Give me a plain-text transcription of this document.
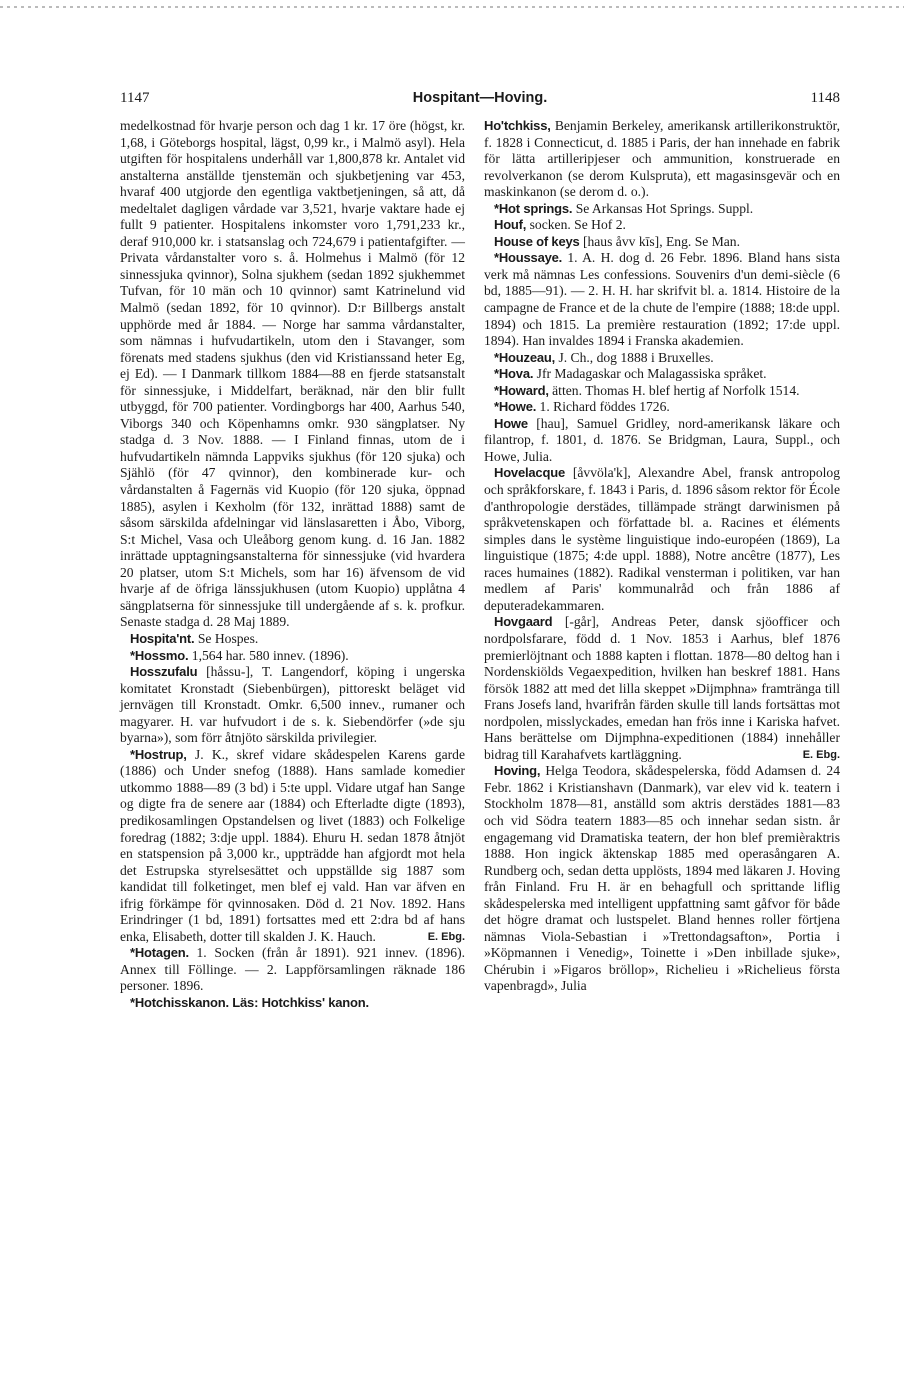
1147	Hospitant—Hoving.	1148

medelkostnad för hvarje person och dag 1 kr. 17 öre (högst, kr. 1,68, i Göteborgs hospital, lägst, 0,99 kr., i Malmö asyl). Hela utgiften för hospitalens underhåll var 1,800,878 kr. Antalet vid anstalterna anställde tjenstemän och sjukbetjening var 453, hvaraf 400 utgjorde den egentliga vaktbetjeningen, så att, då medeltalet dagligen vårdade var 3,521, hvarje vaktare hade ej fullt 9 patienter. Hospitalens inkomster voro 1,791,233 kr., deraf 910,000 kr. i statsanslag och 724,679 i patientafgifter. — Privata vårdanstalter voro s. å. Holmehus i Malmö (för 12 sinnessjuka qvinnor), Solna sjukhem (sedan 1892 sjukhemmet Tufvan, för 10 män och 10 qvinnor) samt Katrinelund vid Malmö (sedan 1892, för 10 qvinnor). D:r Billbergs anstalt upphörde med år 1884. — Norge har samma vårdanstalter, som nämnas i hufvudartikeln, utom den i Stavanger, som förenats med stadens sjukhus (den vid Kristianssand heter Eg, ej Ed). — I Danmark tillkom 1884—88 en fjerde statsanstalt för sinnessjuke, i Middelfart, beräknad, när den blir fullt utbyggd, för 700 patienter. Vordingborgs har 400, Aarhus 540, Viborgs 340 och Köpenhamns omkr. 930 sängplatser. Ny stadga d. 3 Nov. 1888. — I Finland finnas, utom de i hufvudartikeln nämnda Lappviks sjukhus (för 120 sjuka) och Sjählö (för 47 qvinnor), den kombinerade kur- och vårdanstalten å Fagernäs vid Kuopio (för 120 sjuka, öppnad 1885), asylen i Kexholm (för 132, inrättad 1888) samt de såsom särskilda afdelningar vid länslasaretten i Åbo, Viborg, S:t Michel, Vasa och Uleåborg genom kung. d. 16 Jan. 1882 inrättade upptagningsanstalterna för sinnessjuke (vid hvardera 20 platser, utom S:t Michels, som har 16) äfvensom de vid hvarje af de öfriga länssjukhusen (utom Kuopio) upplåtna 4 sängplatserna för sinnessjuke till undergående af s. k. profkur. Senaste stadga d. 28 Maj 1889.

Hospita'nt. Se Hospes.

*Hossmo. 1,564 har. 580 innev. (1896).

Hosszufalu [håssu-], T. Langendorf, köping i ungerska komitatet Kronstadt (Siebenbürgen), pittoreskt beläget vid jernvägen till Kronstadt. Omkr. 6,500 innev., rumaner och magyarer. H. var hufvudort i de s. k. Siebendörfer (»de sju byarna»), som förr åtnjöto särskilda privilegier.

*Hostrup, J. K., skref vidare skådespelen Karens garde (1886) och Under snefog (1888). Hans samlade komedier utkommo 1888—89 (3 bd) i 5:te uppl. Vidare utgaf han Sange og digte fra de senere aar (1884) och Efterladte digte (1893), predikosamlingen Opstandelsen og livet (1883) och Folkelige foredrag (1882; 3:dje uppl. 1884). Ehuru H. sedan 1878 åtnjöt en statspension på 3,000 kr., uppträdde han afgjordt mot hela det Estrupska styrelsesättet och uppställde sig 1887 som kandidat till folketinget, men blef ej vald. Han var äfven en ifrig förkämpe för qvinnosaken. Död d. 21 Nov. 1892. Hans Erindringer (1 bd, 1891) fortsattes med ett 2:dra bd af hans enka, Elisabeth, dotter till skalden J. K. Hauch.	E. Ebg.

*Hotagen. 1. Socken (från år 1891). 921 innev. (1896). Annex till Föllinge. — 2. Lappförsamlingen räknade 186 personer. 1896.

*Hotchisskanon. Läs: Hotchkiss' kanon.

Ho'tchkiss, Benjamin Berkeley, amerikansk artillerikonstruktör, f. 1828 i Connecticut, d. 1885 i Paris, der han innehade en fabrik för lätta artilleripjeser och ammunition, konstruerade en revolverkanon (se derom Kulspruta), ett magasinsgevär och en maskinkanon (se derom d. o.).

*Hot springs. Se Arkansas Hot Springs. Suppl.

Houf, socken. Se Hof 2.

House of keys [haus åvv kīs], Eng. Se Man.

*Houssaye. 1. A. H. dog d. 26 Febr. 1896. Bland hans sista verk må nämnas Les confessions. Souvenirs d'un demi-siècle (6 bd, 1885—91). — 2. H. H. har skrifvit bl. a. 1814. Histoire de la campagne de France et de la chute de l'empire (1888; 18:de uppl. 1894) och 1815. La première restauration (1892; 17:de uppl. 1894). Han invaldes 1894 i Franska akademien.

*Houzeau, J. Ch., dog 1888 i Bruxelles.

*Hova. Jfr Madagaskar och Malagassiska språket.

*Howard, ätten. Thomas H. blef hertig af Norfolk 1514.

*Howe. 1. Richard föddes 1726.

Howe [hau], Samuel Gridley, nord-amerikansk läkare och filantrop, f. 1801, d. 1876. Se Bridgman, Laura, Suppl., och Howe, Julia.

Hovelacque [åvvöla'k], Alexandre Abel, fransk antropolog och språkforskare, f. 1843 i Paris, d. 1896 såsom rektor för École d'anthropologie derstädes, tillämpade strängt darwinismen på språkvetenskapen och författade bl. a. Racines et éléments simples dans le système linguistique indo-européen (1869), La linguistique (1875; 4:de uppl. 1888), Notre ancêtre (1877), Les races humaines (1882). Radikal vensterman i politiken, var han medlem af Paris' kommunalråd och från 1886 af deputeradekammaren.

Hovgaard [-går], Andreas Peter, dansk sjöofficer och nordpolsfarare, född d. 1 Nov. 1853 i Aarhus, blef 1876 premierlöjtnant och 1888 kapten i flottan. 1878—80 deltog han i Nordenskiölds Vegaexpedition, hvilken han beskref 1881. Hans försök 1882 att med det lilla skeppet »Dijmphna» framtränga till Frans Josefs land, hvarifrån färden skulle till lands fortsättas mot nordpolen, misslyckades, emedan han frös inne i Kariska hafvet. Hans berättelse om Dijmphna-expeditionen (1884) innehåller bidrag till Karahafvets kartläggning.	E. Ebg.

Hoving, Helga Teodora, skådespelerska, född Adamsen d. 24 Febr. 1862 i Kristianshavn (Danmark), var elev vid k. teatern i Stockholm 1878—81, anställd som aktris derstädes 1881—83 och vid Södra teatern 1883—85 och innehar sedan sistn. år engagemang vid Dramatiska teatern, der hon blef premièraktris 1888. Hon ingick äktenskap 1885 med operasångaren A. Rundberg och, sedan detta upplösts, 1894 med läkaren J. Hoving från Finland. Fru H. är en behagfull och sprittande liflig skådespelerska med intelligent uppfattning samt gåfvor för både det högre dramat och lustspelet. Bland hennes roller förtjena nämnas Viola-Sebastian i »Trettondagsafton», Portia i »Köpmannen i Venedig», Toinette i »Den inbillade sjuke», Chérubin i »Figaros bröllop», Richelieu i »Richelieus första vapenbragd», Julia
